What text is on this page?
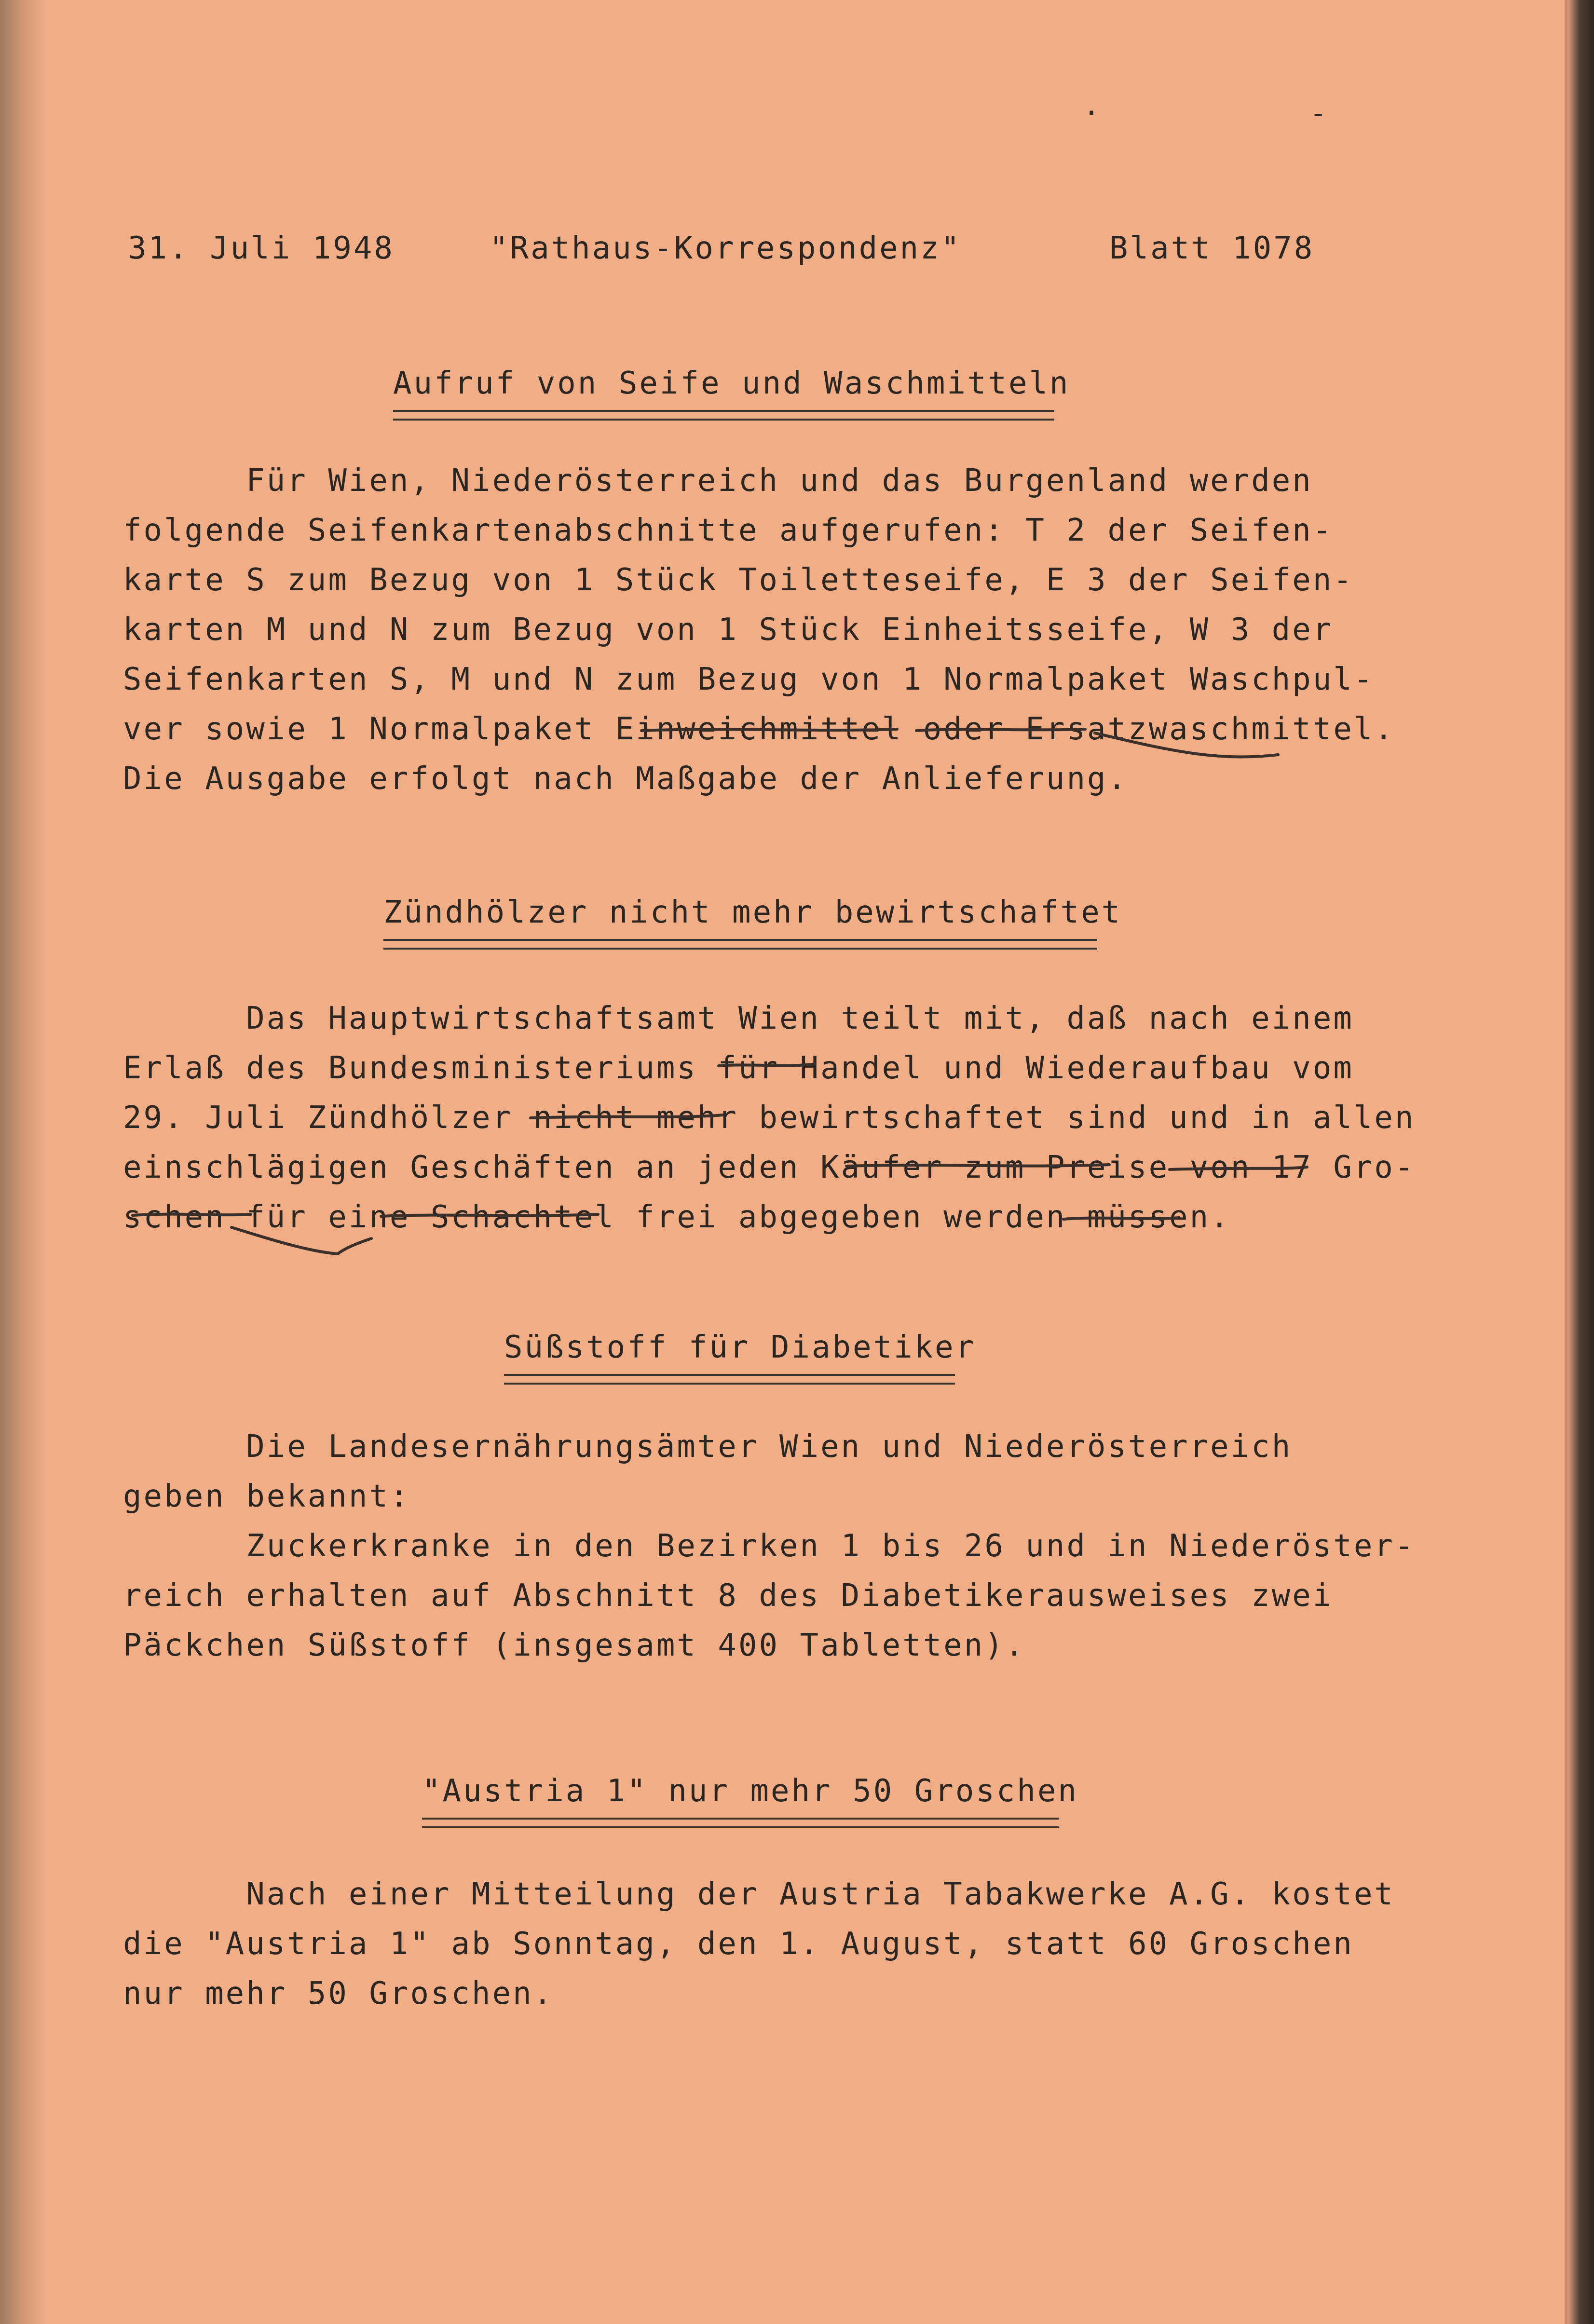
·	-
31. Juli 1948	"Rathaus-Korrespondenz"	Blatt 1078
Aufruf von Seife und Waschmitteln
Für Wien, Niederösterreich und das Burgenland werden
folgende Seifenkartenabschnitte aufgerufen: T 2 der Seifen-
karte S zum Bezug von 1 Stück Toiletteseife, E 3 der Seifen-
karten M und N zum Bezug von 1 Stück Einheitsseife, W 3 der
Seifenkarten S, M und N zum Bezug von 1 Normalpaket Waschpul-
ver sowie 1 Normalpaket Einweichmittel oder Ersatzwaschmittel.
Die Ausgabe erfolgt nach Maßgabe der Anlieferung.
Zündhölzer nicht mehr bewirtschaftet
Das Hauptwirtschaftsamt Wien teilt mit, daß nach einem
Erlaß des Bundesministeriums für Handel und Wiederaufbau vom
29. Juli Zündhölzer nicht mehr bewirtschaftet sind und in allen
einschlägigen Geschäften an jeden Käufer zum Preise von 17 Gro-
schen für eine Schachtel frei abgegeben werden müssen.
Süßstoff für Diabetiker
Die Landesernährungsämter Wien und Niederösterreich
geben bekannt:
Zuckerkranke in den Bezirken 1 bis 26 und in Niederöster-
reich erhalten auf Abschnitt 8 des Diabetikerausweises zwei
Päckchen Süßstoff (insgesamt 400 Tabletten).
"Austria 1" nur mehr 50 Groschen
Nach einer Mitteilung der Austria Tabakwerke A.G. kostet
die "Austria 1" ab Sonntag, den 1. August, statt 60 Groschen
nur mehr 50 Groschen.
